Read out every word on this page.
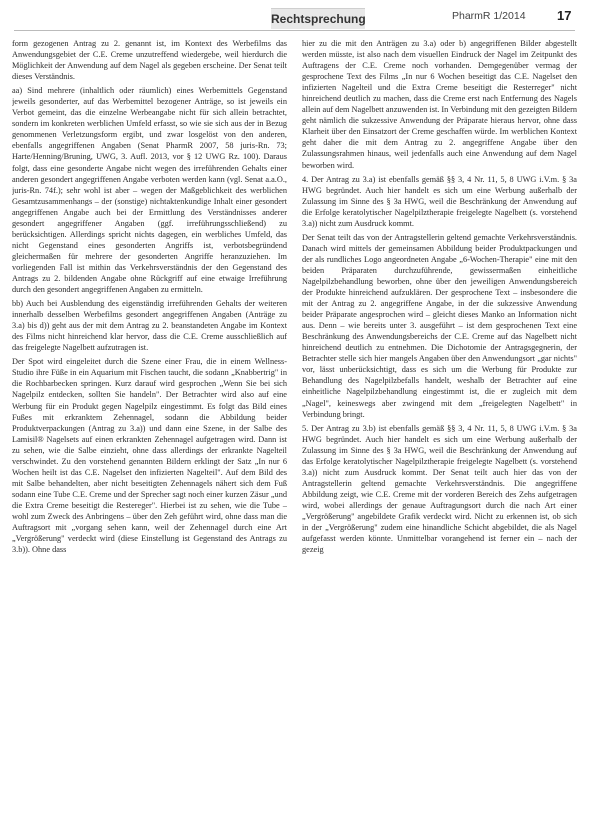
Rechtsprechung	PharmR 1/2014 17

form gezogenen Antrag zu 2. genannt ist, im Kontext des Werbefilms das Anwendungsgebiet der C.E. Creme unzutreffend wiedergebe, weil hierdurch die Möglichkeit der Anwendung auf dem Nagel als gegeben erscheine. Der Senat teilt dieses Verständnis.

aa) Sind mehrere (inhaltlich oder räumlich) eines Werbemittels Gegenstand jeweils gesonderter, auf das Werbemittel bezogener Anträge, so ist jeweils ein Verbot gemeint, das die einzelne Werbeangabe nicht für sich allein betrachtet, sondern im konkreten werblichen Umfeld erfasst, so wie sie sich aus der in Bezug genommenen Verletzungsform ergibt, und zwar losgelöst von den anderen, ebenfalls angegriffenen Angaben (Senat PharmR 2007, 58 juris-Rn. 73; Harte/Henning/Bruning, UWG, 3. Aufl. 2013, vor § 12 UWG Rz. 100). Daraus folgt, dass eine gesonderte Angabe nicht wegen des irreführenden Gehalts einer anderen gesondert angegriffenen Angabe verboten werden kann (vgl. Senat a.a.O., juris-Rn. 74f.); sehr wohl ist aber – wegen der Maßgeblichkeit des werblichen Gesamtzusammenhangs – der (sonstige) nichtaktenkundige Inhalt einer gesondert angegriffenen Angabe auch bei der Ermittlung des Verständnisses anderer gesondert angegriffener Angaben (ggf. irreführungsschließend) zu berücksichtigen. Allerdings spricht nichts dagegen, ein werbliches Umfeld, das nicht Gegenstand eines gesonderten Angriffs ist, verbotsbegründend gleichermaßen für mehrere der gesonderten Angriffe heranzuziehen. Im vorliegenden Fall ist mithin das Verkehrsverständnis der den Gegenstand des Antrags zu 2. bildenden Angabe ohne Rückgriff auf eine etwaige Irreführung durch den gesondert angegriffenen Angaben zu ermitteln.

bb) Auch bei Ausblendung des eigenständig irreführenden Gehalts der weiteren innerhalb desselben Werbefilms gesondert angegriffenen Angaben (Anträge zu 3.a) bis d)) geht aus der mit dem Antrag zu 2. beanstandeten Angabe im Kontext des Films nicht hinreichend klar hervor, dass die C.E. Creme ausschließlich auf das freigelegte Nagelbett aufzutragen ist.

Der Spot wird eingeleitet durch die Szene einer Frau, die in einem Wellness-Studio ihre Füße in ein Aquarium mit Fischen taucht, die sodann „Knabbertrig" in die Rochbarbecken springen. Kurz darauf wird gesprochen „Wenn Sie bei sich Nagelpilz entdecken, sollten Sie handeln". Der Betrachter wird also auf eine Werbung für ein Produkt gegen Nagelpilz eingestimmt. Es folgt das Bild eines Fußes mit erkranktem Zehennagel, sodann die Abbildung beider Produktverpackungen (Antrag zu 3.a)) und dann eine Szene, in der Salbe des Lamisil® Nagelsets auf einen erkrankten Zehennagel aufgetragen wird. Dann ist zu sehen, wie die Salbe einzieht, ohne dass allerdings der erkrankte Nagelteil verschwindet. Zu den vorstehend genannten Bildern erklingt der Satz „In nur 6 Wochen heilt ist das C.E. Nagelset den infizierten Nagelteil". Auf dem Bild des mit Salbe behandelten, aber nicht beseitigten Zehennagels nähert sich dem Fuß sodann eine Tube C.E. Creme und der Sprecher sagt noch einer kurzen Zäsur „und die Extra Creme beseitigt die Restereger". Hierbei ist zu sehen, wie die Tube – wohl zum Zweck des Anbringens – über den Zeh geführt wird, ohne dass man die Auftragsort mit „vorgang sehen kann, weil der Zehennagel durch eine Art „Vergrößerung" verdeckt wird (diese Einstellung ist Gegenstand des Antrags zu 3.b)). Ohne dass

hier zu die mit den Anträgen zu 3.a) oder b) angegriffenen Bilder abgestellt werden müsste, ist also nach dem visuellen Eindruck der Nagel im Zeitpunkt des Auftragens der C.E. Creme noch vorhanden. Demgegenüber vermag der gesprochene Text des Films „In nur 6 Wochen beseitigt das C.E. Nagelset den infizierten Nagelteil und die Extra Creme beseitigt die Resterreger" nicht hinreichend deutlich zu machen, dass die Creme erst nach Entfernung des Nagels allein auf dem Nagelbett anzuwenden ist. In Verbindung mit den gezeigten Bildern geht nämlich die sukzessive Anwendung der Präparate hieraus hervor, ohne dass Klarheit über den Einsatzort der Creme geschaffen würde. Im werblichen Kontext geht daher die mit dem Antrag zu 2. angegriffene Angabe über den Zulassungsrahmen hinaus, weil jedenfalls auch eine Anwendung auf dem Nagel beworben wird.

4. Der Antrag zu 3.a) ist ebenfalls gemäß §§ 3, 4 Nr. 11, 5, 8 UWG i.V.m. § 3a HWG begründet. Auch hier handelt es sich um eine Werbung außerhalb der Zulassung im Sinne des § 3a HWG, weil die Beschränkung der Anwendung auf die Erfolge keratolytischer Nagelpilztherapie freigelegte Nagelbett (s. vorstehend 3.a)) nicht zum Ausdruck kommt.

Der Senat teilt das von der Antragstellerin geltend gemachte Verkehrsverständnis. Danach wird mittels der gemeinsamen Abbildung beider Produktpackungen und der als rundliches Logo angeordneten Angabe „6-Wochen-Therapie" eine mit den beiden Präparaten durchzuführende, gewissermaßen einheitliche Nagelpilzbehandlung beworben, ohne über den jeweiligen Anwendungsbereich der Produkte hinreichend aufzuklären. Der gesprochene Text – insbesondere die mit der Antrag zu 2. angegriffene Angabe, in der die sukzessive Anwendung beider Präparate angesprochen wird – gleicht dieses Manko an Information nicht aus. Denn – wie bereits unter 3. ausgeführt – ist dem gesprochenen Text eine Beschränkung des Anwendungsbereichs der C.E. Creme auf das Nagelbett nicht hinreichend deutlich zu entnehmen. Die Dichotomie der Antragsgegnerin, der Betrachter stelle sich hier mangels Angaben über den Anwendungsort „gar nichts" vor, lässt unberücksichtigt, dass es sich um die Werbung für Produkte zur Behandlung des Nagelpilzbefalls handelt, weshalb der Betrachter auf eine einheitliche Nagelpilzbehandlung eingestimmt ist, die er zugleich mit dem „Nagel", keineswegs aber zwingend mit dem „freigelegten Nagelbett" in Verbindung bringt.

5. Der Antrag zu 3.b) ist ebenfalls gemäß §§ 3, 4 Nr. 11, 5, 8 UWG i.V.m. § 3a HWG begründet. Auch hier handelt es sich um eine Werbung außerhalb der Zulassung im Sinne des § 3a HWG, weil die Beschränkung der Anwendung auf das Erfolge keratolytischer Nagelpilztherapie freigelegte Nagelbett (s. vorstehend 3.a)) nicht zum Ausdruck kommt. Der Senat teilt auch hier das von der Antragstellerin geltend gemachte Verkehrsverständnis. Die angegriffene Abbildung zeigt, wie C.E. Creme mit der vorderen Bereich des Zehs aufgetragen wird, wobei allerdings der genaue Auftragungsort durch die nach Art einer „Vergrößerung" angebildete Grafik verdeckt wird. Nicht zu erkennen ist, ob sich in der „Vergrößerung" zudem eine hinandliche Schicht abgebildet, die als Nagel aufgefasst werden könnte. Unmittelbar vorangehend ist ferner ein – nach der gezeig
